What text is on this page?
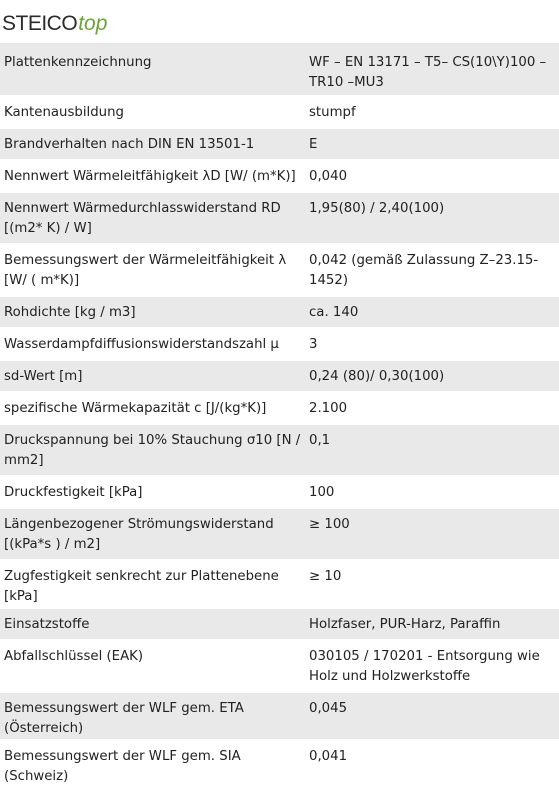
STEICOtop
Plattenkennzeichnung	WF – EN 13171 – T5– CS(10\Y)100 – TR10 –MU3
Kantenausbildung	stumpf
Brandverhalten nach DIN EN 13501-1	E
Nennwert Wärmeleitfähigkeit λD [W/ (m*K)]	0,040
Nennwert Wärmedurchlasswiderstand RD [(m2* K) / W]	1,95(80) / 2,40(100)
Bemessungswert der Wärmeleitfähigkeit λ [W/ ( m*K)]	0,042 (gemäß Zulassung Z–23.15-1452)
Rohdichte [kg / m3]	ca. 140
Wasserdampfdiffusionswiderstandszahl μ	3
sd-Wert [m]	0,24 (80)/ 0,30(100)
spezifische Wärmekapazität c [J/(kg*K)]	2.100
Druckspannung bei 10% Stauchung σ10 [N / mm2]	0,1
Druckfestigkeit [kPa]	100
Längenbezogener Strömungswiderstand [(kPa*s ) / m2]	≥ 100
Zugfestigkeit senkrecht zur Plattenebene [kPa]	≥ 10
Einsatzstoffe	Holzfaser, PUR-Harz, Paraffin
Abfallschlüssel (EAK)	030105 / 170201 - Entsorgung wie Holz und Holzwerkstoffe
Bemessungswert der WLF gem. ETA (Österreich)	0,045
Bemessungswert der WLF gem. SIA (Schweiz)	0,041
